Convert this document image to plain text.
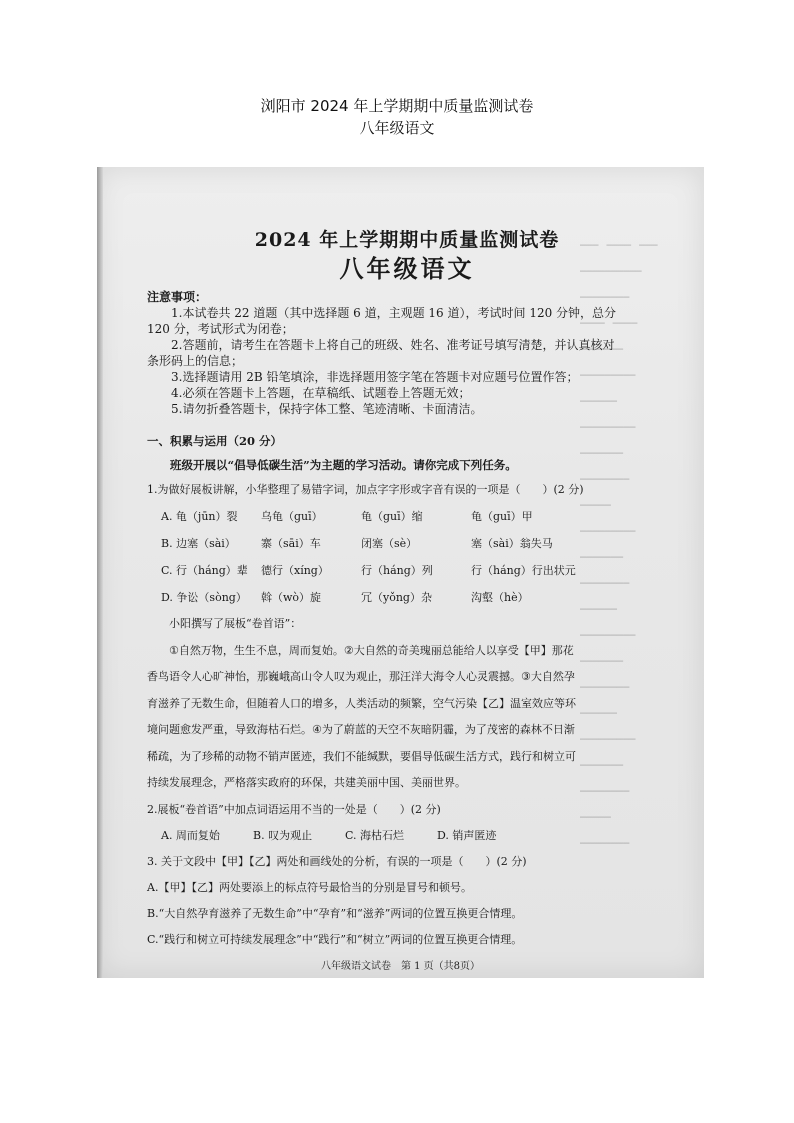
浏阳市 2024 年上学期期中质量监测试卷
八年级语文
▔▔▔　▔▔▔▔　▔▔▔
▔▔▔▔▔▔▔▔▔▔
▔▔▔▔▔▔▔▔
▔▔▔▔　▔▔▔▔
▔▔▔▔▔▔▔
▔▔▔▔▔▔▔▔▔
▔▔▔▔▔▔
▔▔▔▔▔▔▔▔▔
▔▔▔▔▔▔▔
▔▔▔▔▔▔▔▔
▔▔▔▔▔
▔▔▔▔▔▔▔▔▔
▔▔▔▔▔▔▔
▔▔▔▔▔▔▔▔
▔▔▔▔▔▔
▔▔▔▔▔▔▔▔▔
▔▔▔▔▔▔▔
▔▔▔▔▔▔▔▔
▔▔▔▔▔▔
▔▔▔▔▔▔▔▔▔
▔▔▔▔▔▔▔
▔▔▔▔▔▔▔▔
▔▔▔▔▔
▔▔▔▔▔▔▔▔
2024 年上学期期中质量监测试卷
八年级语文
注意事项：
1.本试卷共 22 道题（其中选择题 6 道，主观题 16 道），考试时间 120 分钟，总分
120 分，考试形式为闭卷；
2.答题前，请考生在答题卡上将自己的班级、姓名、准考证号填写清楚，并认真核对
条形码上的信息；
3.选择题请用 2B 铅笔填涂，非选择题用签字笔在答题卡对应题号位置作答；
4.必须在答题卡上答题，在草稿纸、试题卷上答题无效；
5.请勿折叠答题卡，保持字体工整、笔迹清晰、卡面清洁。
一、积累与运用（20 分）
班级开展以“倡导低碳生活”为主题的学习活动。请你完成下列任务。
1.为做好展板讲解，小华整理了易错字词，加点字字形或字音有误的一项是（　　）(2 分)
A. 龟（jūn）裂	乌龟（guī）	龟（guī）缩	龟（guī）甲
B. 边塞（sài）	寨（sāi）车	闭塞（sè）	塞（sài）翁失马
C. 行（háng）辈	德行（xíng）	行（háng）列	行（háng）行出状元
D. 争讼（sòng）	斡（wò）旋	冗（yǒng）杂	沟壑（hè）
小阳撰写了展板“卷首语”：

①自然万物，生生不息，周而复始。②大自然的奇美瑰丽总能给人以享受【甲】那花

香鸟语令人心旷神怡，那巍峨高山令人叹为观止，那汪洋大海令人心灵震撼。③大自然孕

育滋养了无数生命，但随着人口的增多，人类活动的频繁，空气污染【乙】温室效应等环

境问题愈发严重，导致海枯石烂。④为了蔚蓝的天空不灰暗阴霾，为了茂密的森林不日渐

稀疏，为了珍稀的动物不销声匿迹，我们不能缄默，要倡导低碳生活方式，践行和树立可

持续发展理念，严格落实政府的环保，共建美丽中国、美丽世界。

2.展板“卷首语”中加点词语运用不当的一处是（　　）(2 分)
A. 周而复始	B. 叹为观止	C. 海枯石烂	D. 销声匿迹
3. 关于文段中【甲】【乙】两处和画线处的分析，有误的一项是（　　）(2 分)
A.【甲】【乙】两处要添上的标点符号最恰当的分别是冒号和顿号。
B.“大自然孕育滋养了无数生命”中“孕育”和“滋养”两词的位置互换更合情理。
C.“践行和树立可持续发展理念”中“践行”和“树立”两词的位置互换更合情理。
八年级语文试卷　第 1 页（共8页）
